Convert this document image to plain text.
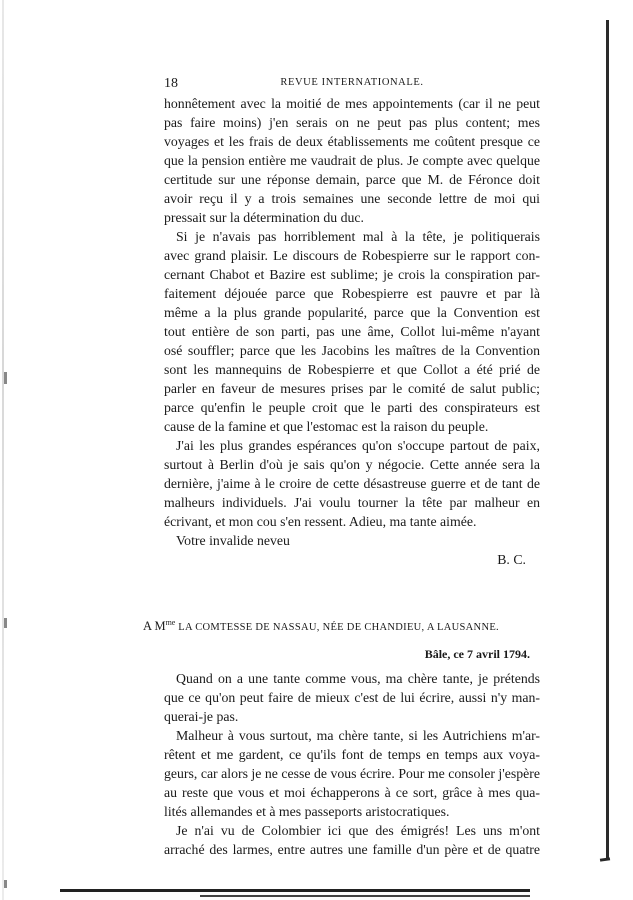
18	REVUE INTERNATIONALE.

honnêtement avec la moitié de mes appointements (car il ne peut

pas faire moins) j'en serais on ne peut pas plus content; mes

voyages et les frais de deux établissements me coûtent presque ce

que la pension entière me vaudrait de plus. Je compte avec quelque

certitude sur une réponse demain, parce que M. de Féronce doit

avoir reçu il y a trois semaines une seconde lettre de moi qui

pressait sur la détermination du duc.

Si je n'avais pas horriblement mal à la tête, je politiquerais

avec grand plaisir. Le discours de Robespierre sur le rapport con-

cernant Chabot et Bazire est sublime; je crois la conspiration par-

faitement déjouée parce que Robespierre est pauvre et par là

même a la plus grande popularité, parce que la Convention est

tout entière de son parti, pas une âme, Collot lui-même n'ayant

osé souffler; parce que les Jacobins les maîtres de la Convention

sont les mannequins de Robespierre et que Collot a été prié de

parler en faveur de mesures prises par le comité de salut public;

parce qu'enfin le peuple croit que le parti des conspirateurs est

cause de la famine et que l'estomac est la raison du peuple.

J'ai les plus grandes espérances qu'on s'occupe partout de paix,

surtout à Berlin d'où je sais qu'on y négocie. Cette année sera la

dernière, j'aime à le croire de cette désastreuse guerre et de tant de

malheurs individuels. J'ai voulu tourner la tête par malheur en

écrivant, et mon cou s'en ressent. Adieu, ma tante aimée.

Votre invalide neveu

B. C.

A $M^{me}$ LA COMTESSE DE NASSAU, NÉE DE CHANDIEU, A LAUSANNE.
Bâle, ce 7 avril 1794.

Quand on a une tante comme vous, ma chère tante, je prétends

que ce qu'on peut faire de mieux c'est de lui écrire, aussi n'y man-

querai-je pas.

Malheur à vous surtout, ma chère tante, si les Autrichiens m'ar-

rêtent et me gardent, ce qu'ils font de temps en temps aux voya-

geurs, car alors je ne cesse de vous écrire. Pour me consoler j'espère

au reste que vous et moi échapperons à ce sort, grâce à mes qua-

lités allemandes et à mes passeports aristocratiques.

Je n'ai vu de Colombier ici que des émigrés! Les uns m'ont

arraché des larmes, entre autres une famille d'un père et de quatre
